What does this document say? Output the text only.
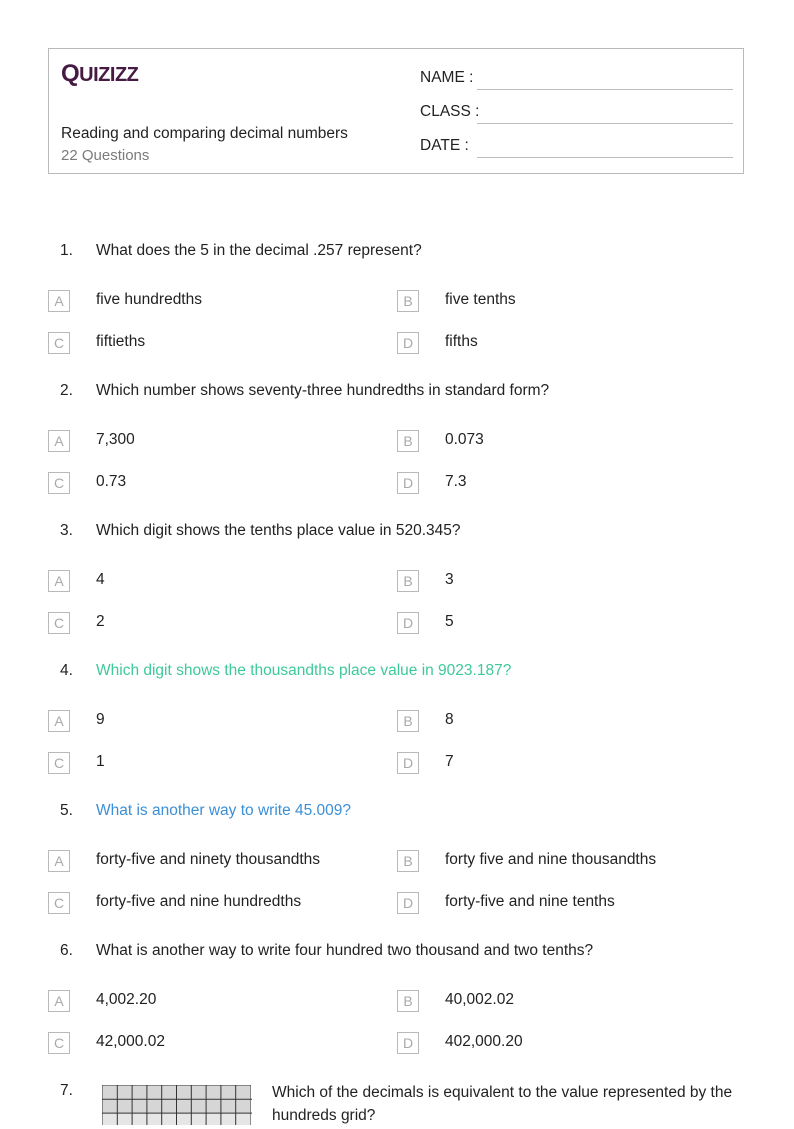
QUIZIZZ
Reading and comparing decimal numbers
22 Questions
NAME :
CLASS :
DATE :
1. What does the 5 in the decimal .257 represent?
A	five hundredths	B	five tenths
C	fiftieths	D	fifths
2. Which number shows seventy-three hundredths in standard form?
A	7,300	B	0.073
C	0.73	D	7.3
3. Which digit shows the tenths place value in 520.345?
A	4	B	3
C	2	D	5
4. Which digit shows the thousandths place value in 9023.187?
A	9	B	8
C	1	D	7
5. What is another way to write 45.009?
A	forty-five and ninety thousandths	B	forty five and nine thousandths
C	forty-five and nine hundredths	D	forty-five and nine tenths
6. What is another way to write four hundred two thousand and two tenths?
A	4,002.20	B	40,002.02
C	42,000.02	D	402,000.20
7.	Which of the decimals is equivalent to the value represented by the hundreds grid?
